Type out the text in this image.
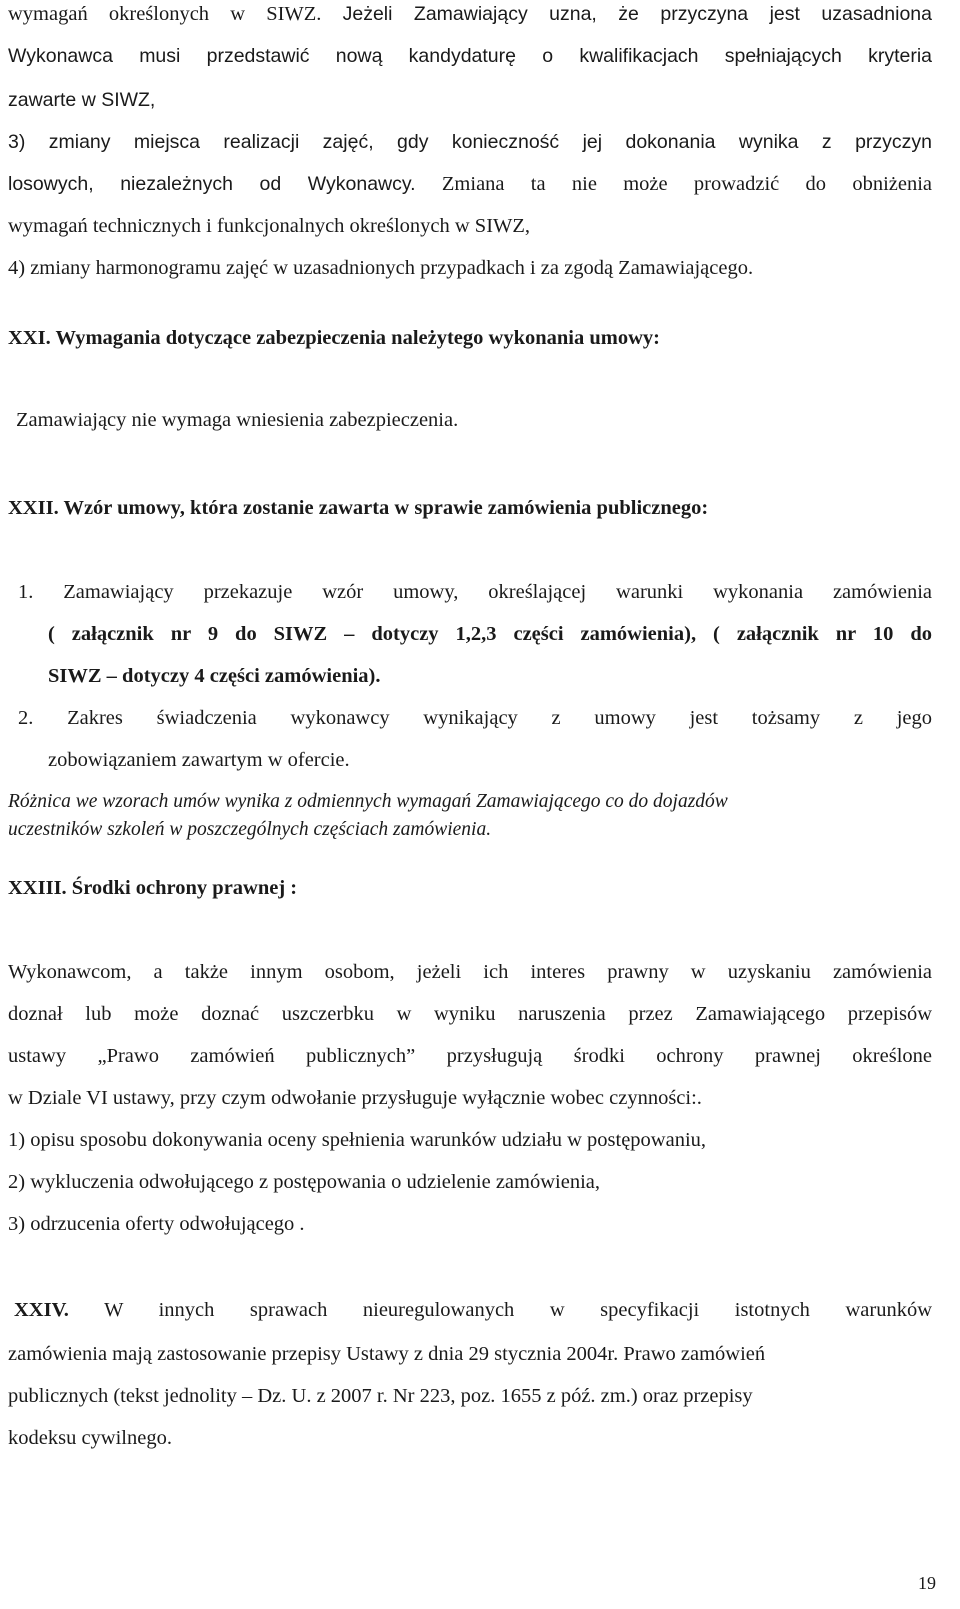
wymagań określonych w SIWZ. Jeżeli Zamawiający uzna, że przyczyna jest uzasadniona
Wykonawca musi przedstawić nową kandydaturę o kwalifikacjach spełniających kryteria
zawarte w SIWZ,
3) zmiany miejsca realizacji zajęć, gdy konieczność jej dokonania wynika z przyczyn
losowych, niezależnych od Wykonawcy. Zmiana ta nie może prowadzić do obniżenia
wymagań technicznych i funkcjonalnych określonych w SIWZ,
4) zmiany harmonogramu zajęć w uzasadnionych przypadkach i za zgodą Zamawiającego.
XXI. Wymagania dotyczące zabezpieczenia należytego wykonania umowy:
Zamawiający nie wymaga wniesienia zabezpieczenia.
XXII. Wzór umowy, która zostanie zawarta w sprawie zamówienia publicznego:
1. Zamawiający przekazuje wzór umowy, określającej warunki wykonania zamówienia
( załącznik nr 9 do SIWZ – dotyczy 1,2,3 części zamówienia), ( załącznik nr 10 do
SIWZ – dotyczy 4 części zamówienia).
2. Zakres świadczenia wykonawcy wynikający z umowy jest tożsamy z jego
zobowiązaniem zawartym w ofercie.
Różnica we wzorach umów wynika z odmiennych wymagań Zamawiającego co do dojazdów
uczestników szkoleń w poszczególnych częściach zamówienia.
XXIII. Środki ochrony prawnej :
Wykonawcom, a także innym osobom, jeżeli ich interes prawny w uzyskaniu zamówienia
doznał lub może doznać uszczerbku w wyniku naruszenia przez Zamawiającego przepisów
ustawy „Prawo zamówień publicznych” przysługują środki ochrony prawnej określone
w Dziale VI ustawy, przy czym odwołanie przysługuje wyłącznie wobec czynności:.
1) opisu sposobu dokonywania oceny spełnienia warunków udziału w postępowaniu,
2) wykluczenia odwołującego z postępowania o udzielenie zamówienia,
3) odrzucenia oferty odwołującego .
XXIV. W innych sprawach nieuregulowanych w specyfikacji istotnych warunków
zamówienia mają zastosowanie przepisy Ustawy z dnia 29 stycznia 2004r. Prawo zamówień
publicznych (tekst jednolity – Dz. U. z 2007 r. Nr 223, poz. 1655 z póź. zm.) oraz przepisy
kodeksu cywilnego.
19
